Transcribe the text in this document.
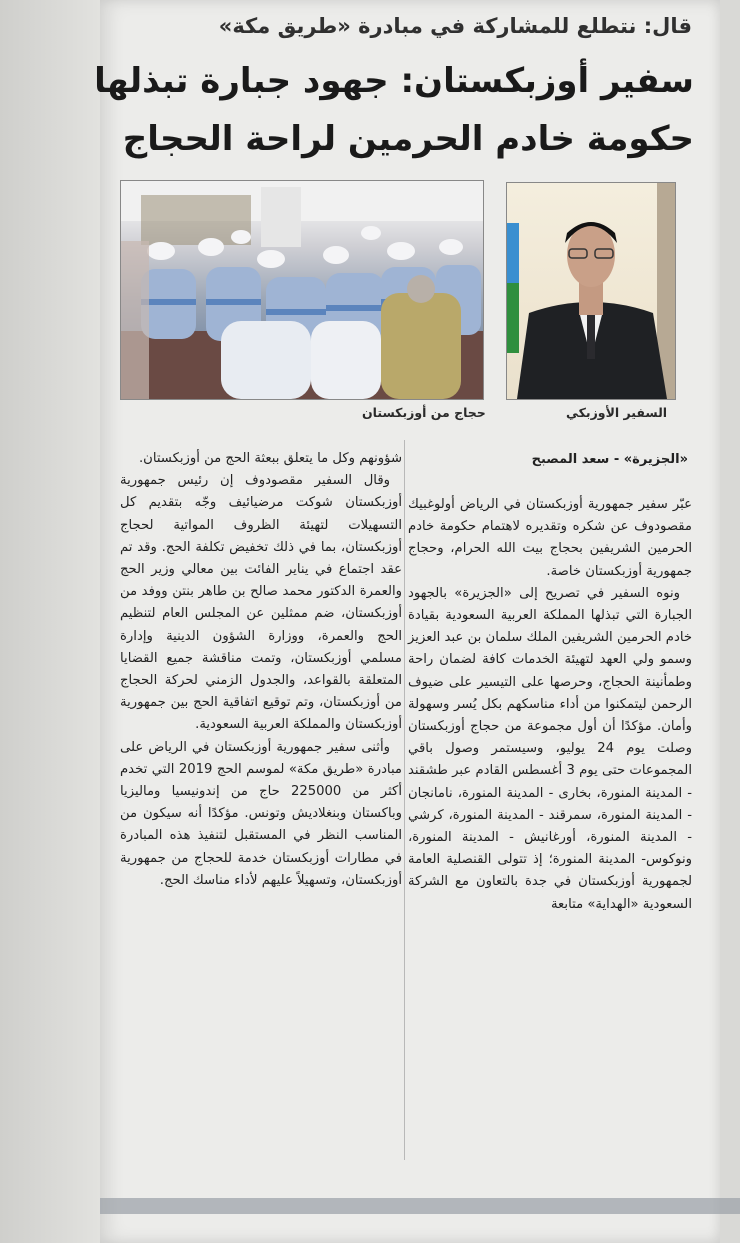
قال: نتطلع للمشاركة في مبادرة «طريق مكة»
سفير أوزبكستان: جهود جبارة تبذلها
حكومة خادم الحرمين لراحة الحجاج
حجاج من أوزبكستان	السفير الأوزبكي
«الجزيرة» - سعد المصبح

عبّر سفير جمهورية أوزبكستان في الرياض أولوغبيك مقصودوف عن شكره وتقديره لاهتمام حكومة خادم الحرمين الشريفين بحجاج بيت الله الحرام، وحجاج جمهورية أوزبكستان خاصة.

ونوه السفير في تصريح إلى «الجزيرة» بالجهود الجبارة التي تبذلها المملكة العربية السعودية بقيادة خادم الحرمين الشريفين الملك سلمان بن عبد العزيز وسمو ولي العهد لتهيئة الخدمات كافة لضمان راحة وطمأنينة الحجاج، وحرصها على التيسير على ضيوف الرحمن ليتمكنوا من أداء مناسكهم بكل يُسر وسهولة وأمان. مؤكدًا أن أول مجموعة من حجاج أوزبكستان وصلت يوم 24 يوليو، وسيستمر وصول باقي المجموعات حتى يوم 3 أغسطس القادم عبر طشقند - المدينة المنورة، بخارى - المدينة المنورة، نامانجان - المدينة المنورة، سمرقند - المدينة المنورة، كرشي - المدينة المنورة، أورغانيش - المدينة المنورة، ونوكوس- المدينة المنورة؛ إذ تتولى القنصلية العامة لجمهورية أوزبكستان في جدة بالتعاون مع الشركة السعودية «الهداية» متابعة

شؤونهم وكل ما يتعلق ببعثة الحج من أوزبكستان.

وقال السفير مقصودوف إن رئيس جمهورية أوزبكستان شوكت مرضيائيف وجّه بتقديم كل التسهيلات لتهيئة الظروف المواتية لحجاج أوزبكستان، بما في ذلك تخفيض تكلفة الحج. وقد تم عقد اجتماع في يناير الفائت بين معالي وزير الحج والعمرة الدكتور محمد صالح بن طاهر بنتن ووفد من أوزبكستان، ضم ممثلين عن المجلس العام لتنظيم الحج والعمرة، ووزارة الشؤون الدينية وإدارة مسلمي أوزبكستان، وتمت مناقشة جميع القضايا المتعلقة بالقواعد، والجدول الزمني لحركة الحجاج من أوزبكستان، وتم توقيع اتفاقية الحج بين جمهورية أوزبكستان والمملكة العربية السعودية.

وأثنى سفير جمهورية أوزبكستان في الرياض على مبادرة «طريق مكة» لموسم الحج 2019 التي تخدم أكثر من 225000 حاج من إندونيسيا وماليزيا وباكستان وبنغلاديش وتونس. مؤكدًا أنه سيكون من المناسب النظر في المستقبل لتنفيذ هذه المبادرة في مطارات أوزبكستان خدمة للحجاج من جمهورية أوزبكستان، وتسهيلاً عليهم لأداء مناسك الحج.
